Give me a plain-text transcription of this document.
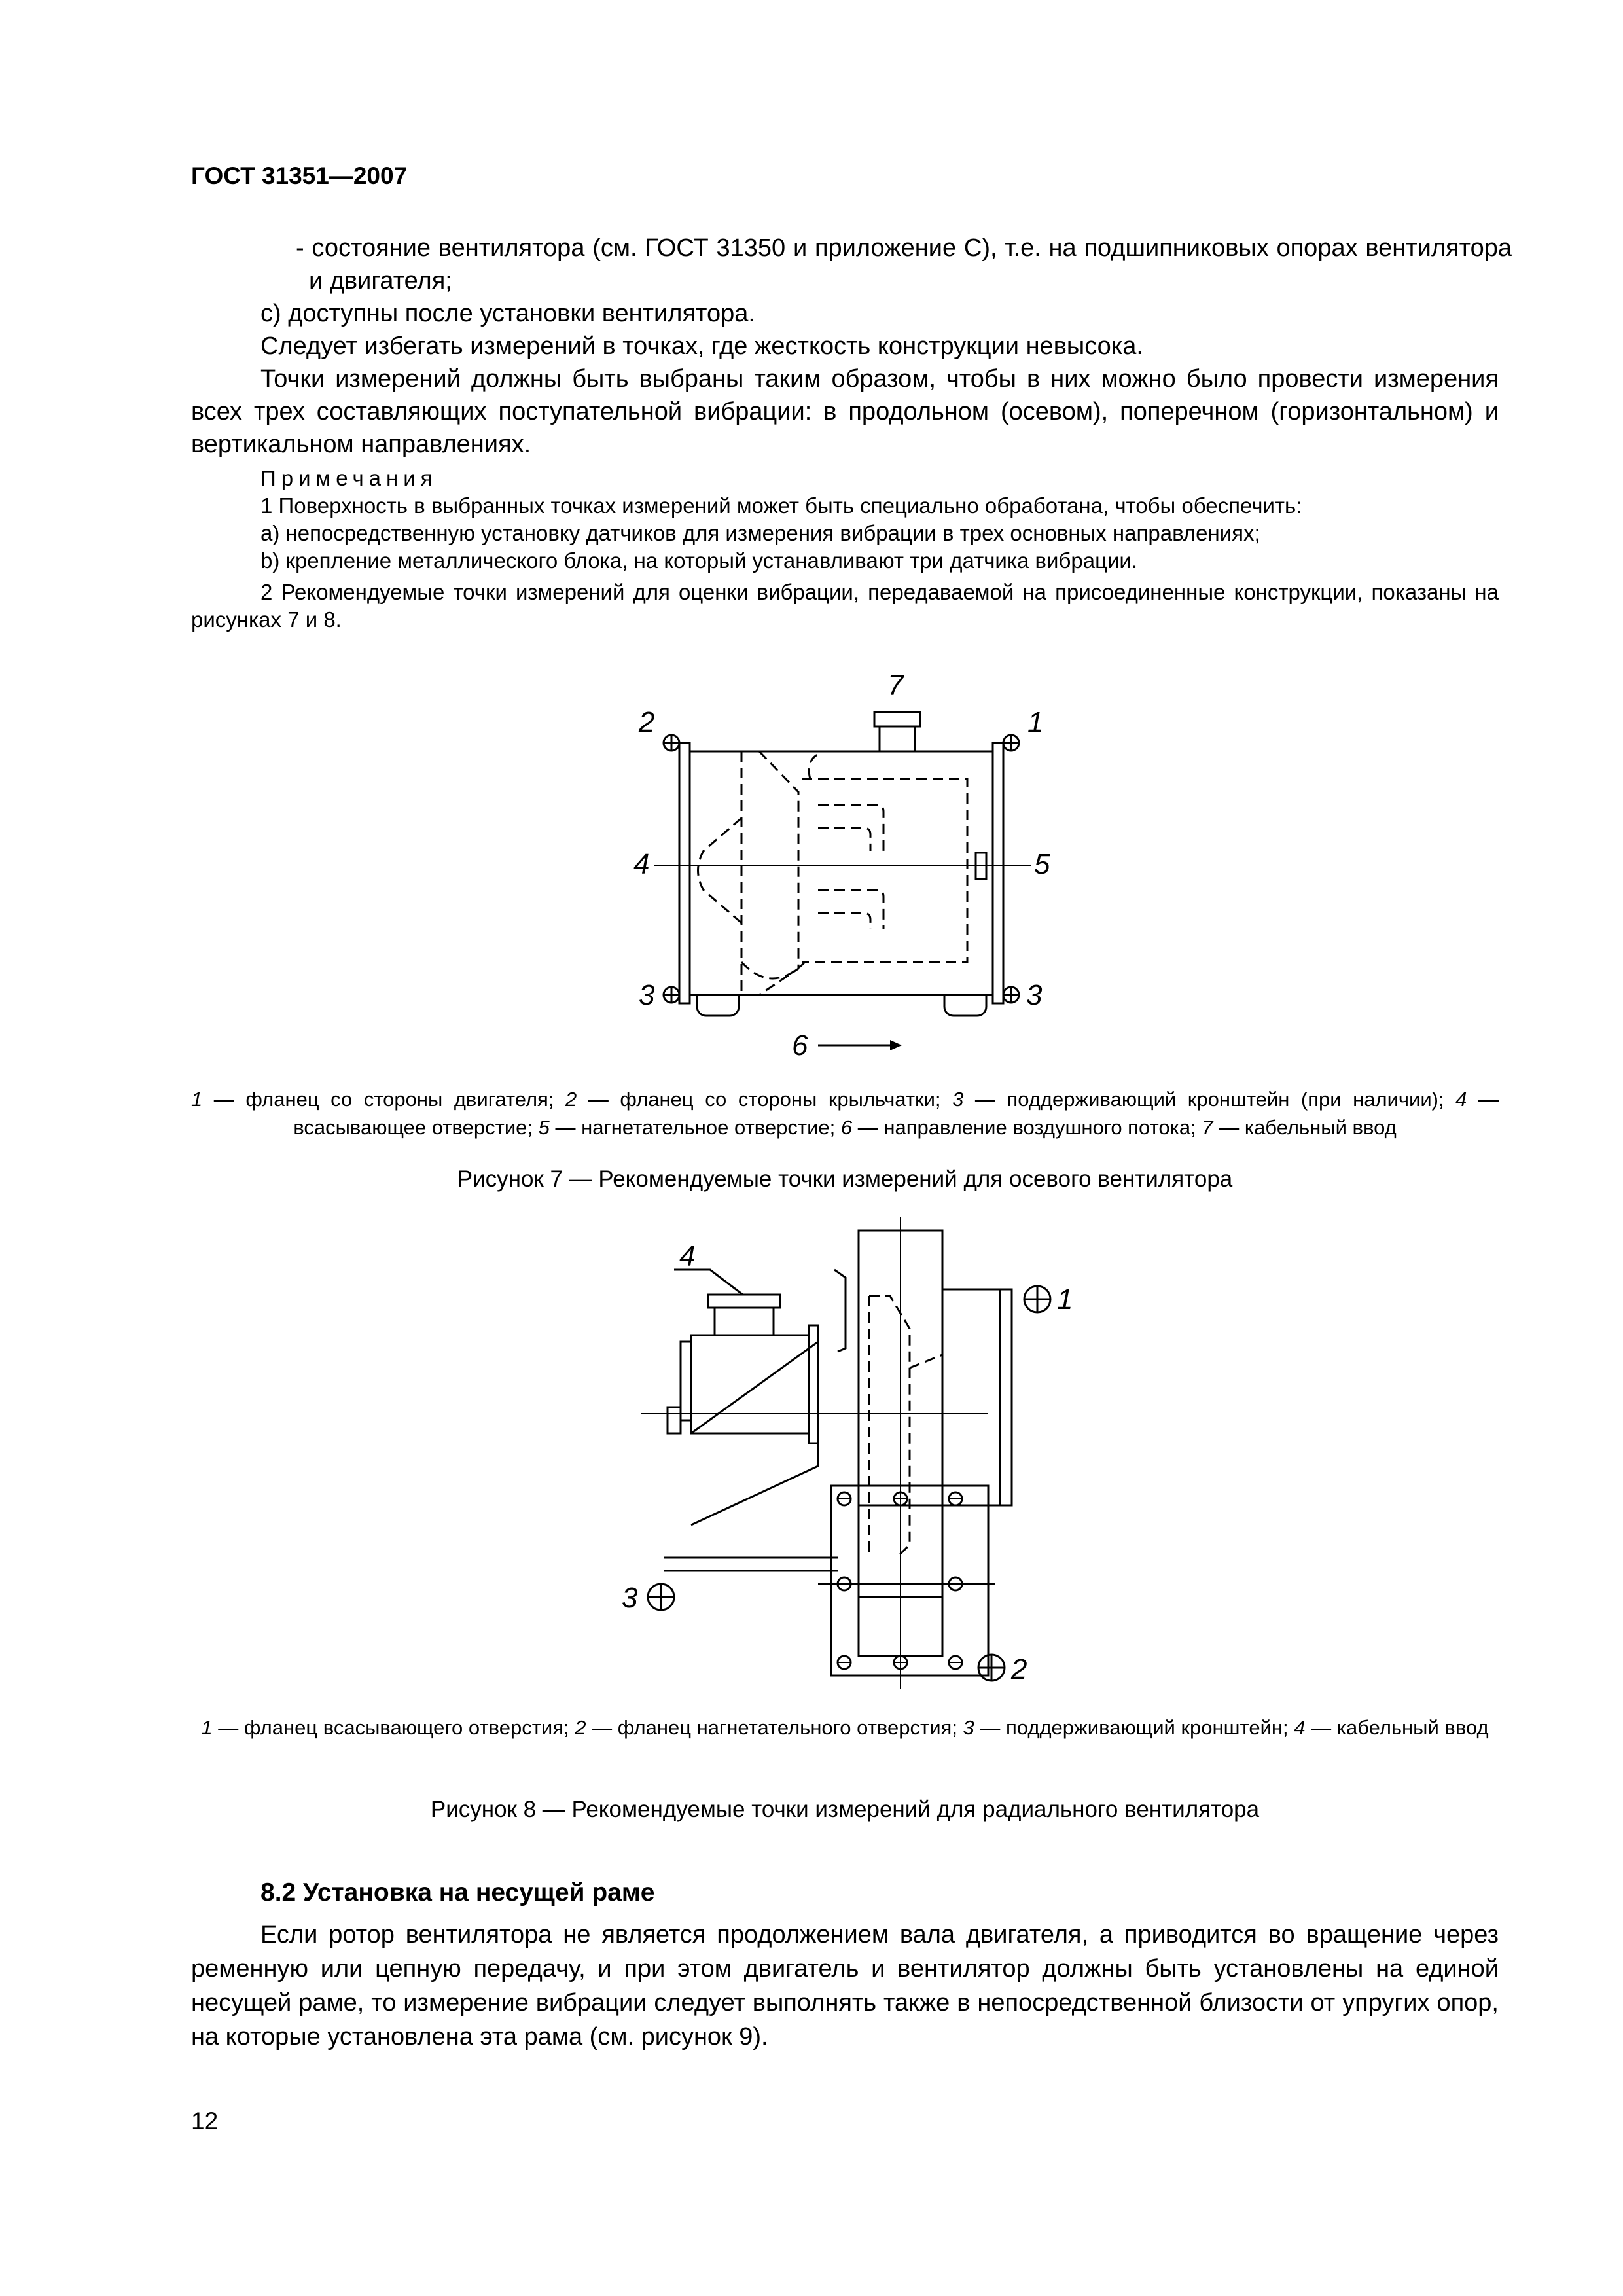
ГОСТ 31351—2007
- состояние вентилятора (см. ГОСТ 31350 и приложение С), т.е. на подшипниковых опорах вентилятора и двигателя;
c) доступны после установки вентилятора.
Следует избегать измерений в точках, где жесткость конструкции невысока.
Точки измерений должны быть выбраны таким образом, чтобы в них можно было провести измерения всех трех составляющих поступательной вибрации: в продольном (осевом), поперечном (горизонтальном) и вертикальном направлениях.
Примечания
1 Поверхность в выбранных точках измерений может быть специально обработана, чтобы обеспечить:
a) непосредственную установку датчиков для измерения вибрации в трех основных направлениях;
b) крепление металлического блока, на который устанавливают три датчика вибрации.
2 Рекомендуемые точки измерений для оценки вибрации, передаваемой на присоединенные конструкции, показаны на рисунках 7 и 8.
2	1
4	5
3	3
6
7
1 — фланец со стороны двигателя; 2 — фланец со стороны крыльчатки; 3 — поддерживающий кронштейн (при наличии); 4 — всасывающее отверстие; 5 — нагнетательное отверстие; 6 — направление воздушного потока; 7 — кабельный ввод
Рисунок 7 — Рекомендуемые точки измерений для осевого вентилятора
1
2
3
4
1 — фланец всасывающего отверстия; 2 — фланец нагнетательного отверстия; 3 — поддерживающий кронштейн; 4 — кабельный ввод
Рисунок 8 — Рекомендуемые точки измерений для радиального вентилятора
8.2 Установка на несущей раме
Если ротор вентилятора не является продолжением вала двигателя, а приводится во вращение через ременную или цепную передачу, и при этом двигатель и вентилятор должны быть установлены на единой несущей раме, то измерение вибрации следует выполнять также в непосредственной близости от упругих опор, на которые установлена эта рама (см. рисунок 9).
12
